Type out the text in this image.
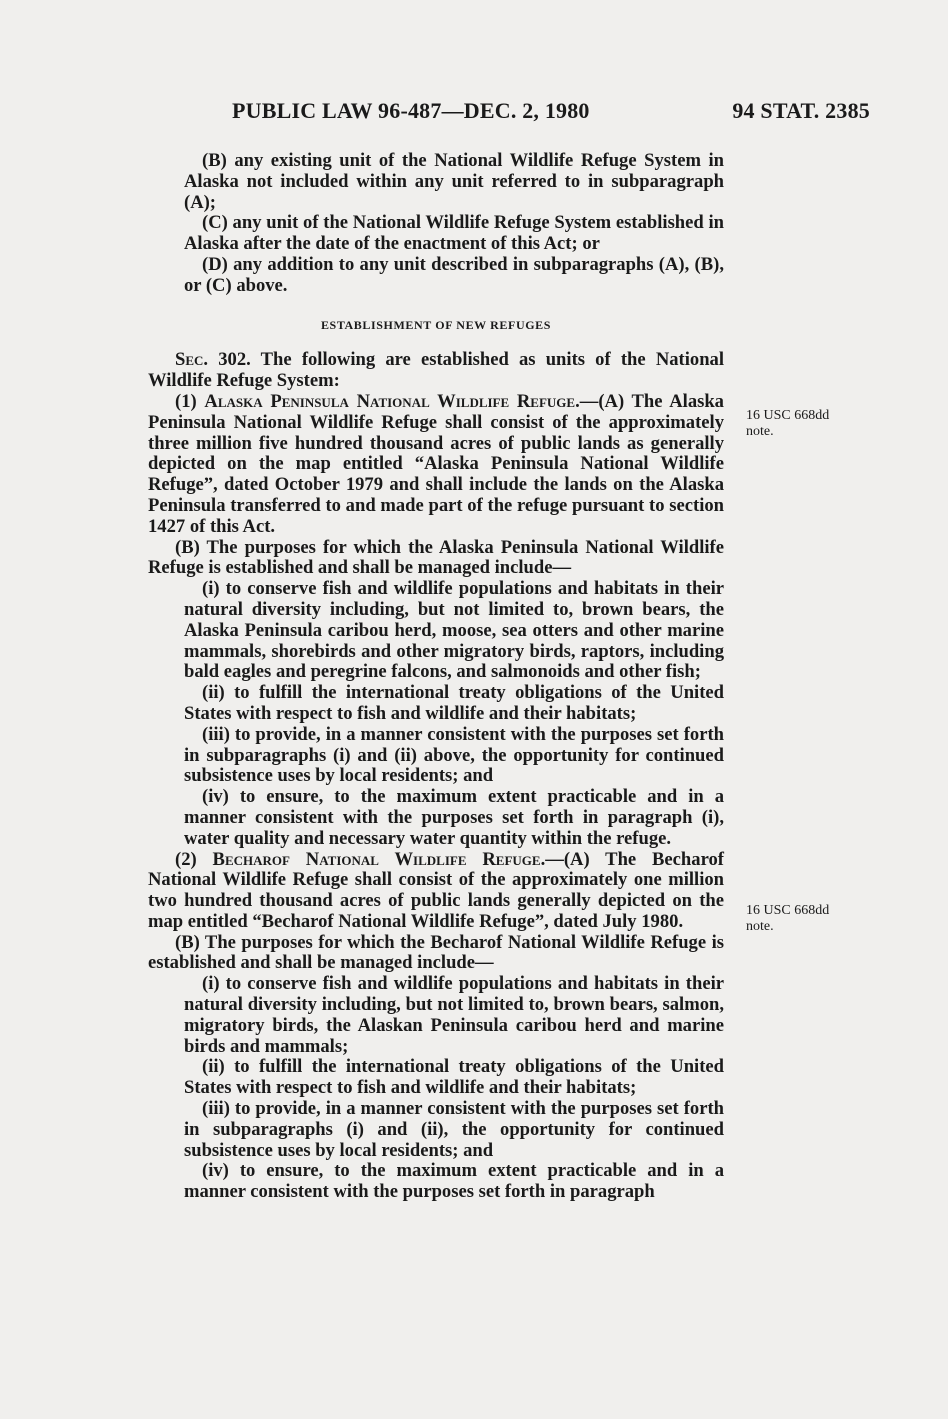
PUBLIC LAW 96-487—DEC. 2, 1980	94 STAT. 2385

(B) any existing unit of the National Wildlife Refuge System in Alaska not included within any unit referred to in subparagraph (A);

(C) any unit of the National Wildlife Refuge System established in Alaska after the date of the enactment of this Act; or

(D) any addition to any unit described in subparagraphs (A), (B), or (C) above.

ESTABLISHMENT OF NEW REFUGES

Sec. 302. The following are established as units of the National Wildlife Refuge System:

(1) Alaska Peninsula National Wildlife Refuge.—(A) The Alaska Peninsula National Wildlife Refuge shall consist of the approximately three million five hundred thousand acres of public lands as generally depicted on the map entitled “Alaska Peninsula National Wildlife Refuge”, dated October 1979 and shall include the lands on the Alaska Peninsula transferred to and made part of the refuge pursuant to section 1427 of this Act.

(B) The purposes for which the Alaska Peninsula National Wildlife Refuge is established and shall be managed include—

(i) to conserve fish and wildlife populations and habitats in their natural diversity including, but not limited to, brown bears, the Alaska Peninsula caribou herd, moose, sea otters and other marine mammals, shorebirds and other migratory birds, raptors, including bald eagles and peregrine falcons, and salmonoids and other fish;

(ii) to fulfill the international treaty obligations of the United States with respect to fish and wildlife and their habitats;

(iii) to provide, in a manner consistent with the purposes set forth in subparagraphs (i) and (ii) above, the opportunity for continued subsistence uses by local residents; and

(iv) to ensure, to the maximum extent practicable and in a manner consistent with the purposes set forth in paragraph (i), water quality and necessary water quantity within the refuge.

(2) Becharof National Wildlife Refuge.—(A) The Becharof National Wildlife Refuge shall consist of the approximately one million two hundred thousand acres of public lands generally depicted on the map entitled “Becharof National Wildlife Refuge”, dated July 1980.

(B) The purposes for which the Becharof National Wildlife Refuge is established and shall be managed include—

(i) to conserve fish and wildlife populations and habitats in their natural diversity including, but not limited to, brown bears, salmon, migratory birds, the Alaskan Peninsula caribou herd and marine birds and mammals;

(ii) to fulfill the international treaty obligations of the United States with respect to fish and wildlife and their habitats;

(iii) to provide, in a manner consistent with the purposes set forth in subparagraphs (i) and (ii), the opportunity for continued subsistence uses by local residents; and

(iv) to ensure, to the maximum extent practicable and in a manner consistent with the purposes set forth in paragraph

16 USC 668dd
note.
16 USC 668dd
note.
